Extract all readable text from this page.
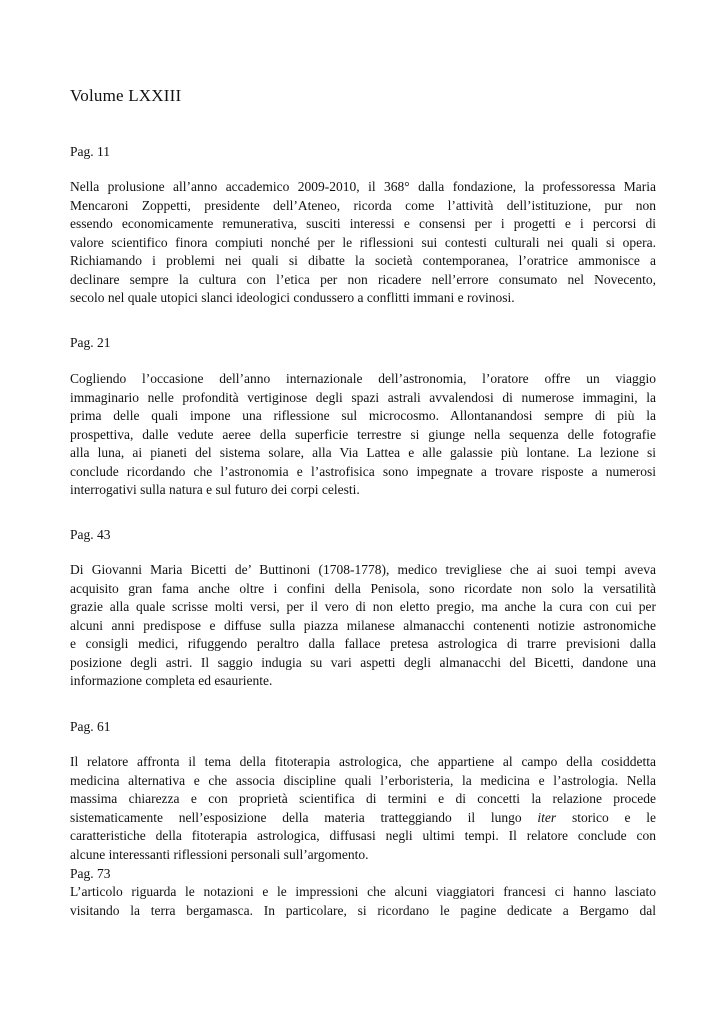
Volume LXXIII
Pag. 11
Nella prolusione all’anno accademico 2009-2010, il 368° dalla fondazione, la professoressa Maria
Mencaroni Zoppetti, presidente dell’Ateneo, ricorda come l’attività dell’istituzione, pur non
essendo economicamente remunerativa, susciti interessi e consensi per i progetti e i percorsi di
valore scientifico finora compiuti nonché per le riflessioni sui contesti culturali nei quali si opera.
Richiamando i problemi nei quali si dibatte la società contemporanea, l’oratrice ammonisce a
declinare sempre la cultura con l’etica per non ricadere nell’errore consumato nel Novecento,
secolo nel quale utopici slanci ideologici condussero a conflitti immani e rovinosi.
Pag. 21
Cogliendo l’occasione dell’anno internazionale dell’astronomia, l’oratore offre un viaggio
immaginario nelle profondità vertiginose degli spazi astrali avvalendosi di numerose immagini, la
prima delle quali impone una riflessione sul microcosmo. Allontanandosi sempre di più la
prospettiva, dalle vedute aeree della superficie terrestre si giunge nella sequenza delle fotografie
alla luna, ai pianeti del sistema solare, alla Via Lattea e alle galassie più lontane. La lezione si
conclude ricordando che l’astronomia e l’astrofisica sono impegnate a trovare risposte a numerosi
interrogativi sulla natura e sul futuro dei corpi celesti.
Pag. 43
Di Giovanni Maria Bicetti de’ Buttinoni (1708-1778), medico trevigliese che ai suoi tempi aveva
acquisito gran fama anche oltre i confini della Penisola, sono ricordate non solo la versatilità
grazie alla quale scrisse molti versi, per il vero di non eletto pregio, ma anche la cura con cui per
alcuni anni predispose e diffuse sulla piazza milanese almanacchi contenenti notizie astronomiche
e consigli medici, rifuggendo peraltro dalla fallace pretesa astrologica di trarre previsioni dalla
posizione degli astri. Il saggio indugia su vari aspetti degli almanacchi del Bicetti, dandone una
informazione completa ed esauriente.
Pag. 61
Il relatore affronta il tema della fitoterapia astrologica, che appartiene al campo della cosiddetta
medicina alternativa e che associa discipline quali l’erboristeria, la medicina e l’astrologia. Nella
massima chiarezza e con proprietà scientifica di termini e di concetti la relazione procede
sistematicamente nell’esposizione della materia tratteggiando il lungo iter storico e le
caratteristiche della fitoterapia astrologica, diffusasi negli ultimi tempi. Il relatore conclude con
alcune interessanti riflessioni personali sull’argomento.
Pag. 73
L’articolo riguarda le notazioni e le impressioni che alcuni viaggiatori francesi ci hanno lasciato
visitando la terra bergamasca. In particolare, si ricordano le pagine dedicate a Bergamo dal
